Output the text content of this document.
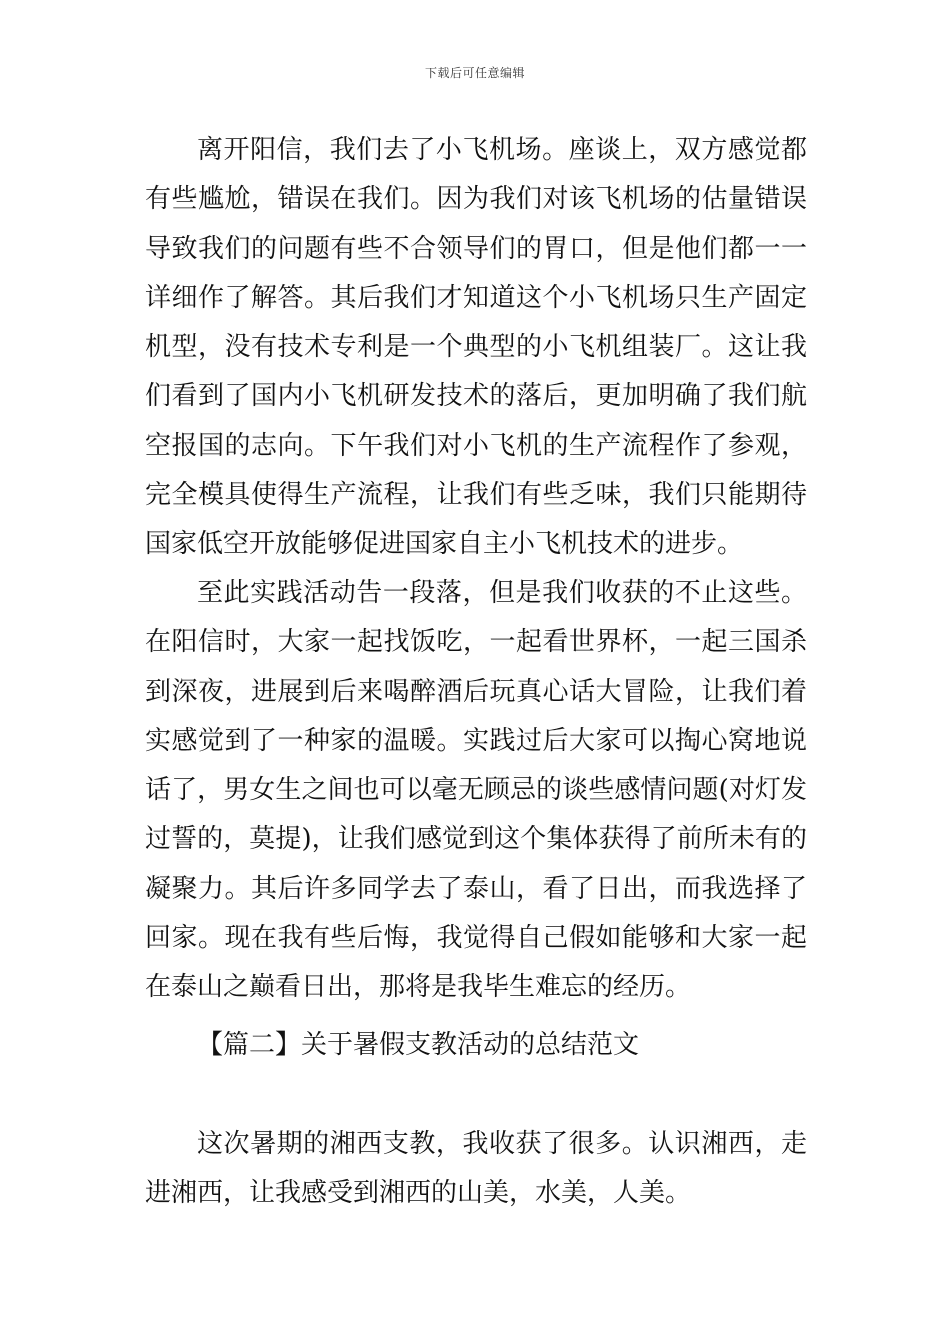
下载后可任意编辑

离开阳信，我们去了小飞机场。座谈上，双方感觉都有些尴尬，错误在我们。因为我们对该飞机场的估量错误导致我们的问题有些不合领导们的胃口，但是他们都一一详细作了解答。其后我们才知道这个小飞机场只生产固定机型，没有技术专利是一个典型的小飞机组装厂。这让我们看到了国内小飞机研发技术的落后，更加明确了我们航空报国的志向。下午我们对小飞机的生产流程作了参观，完全模具使得生产流程，让我们有些乏味，我们只能期待国家低空开放能够促进国家自主小飞机技术的进步。

至此实践活动告一段落，但是我们收获的不止这些。在阳信时，大家一起找饭吃，一起看世界杯，一起三国杀到深夜，进展到后来喝醉酒后玩真心话大冒险，让我们着实感觉到了一种家的温暖。实践过后大家可以掏心窝地说话了，男女生之间也可以毫无顾忌的谈些感情问题(对灯发过誓的，莫提)，让我们感觉到这个集体获得了前所未有的凝聚力。其后许多同学去了泰山，看了日出，而我选择了回家。现在我有些后悔，我觉得自己假如能够和大家一起在泰山之巅看日出，那将是我毕生难忘的经历。

【篇二】关于暑假支教活动的总结范文

这次暑期的湘西支教，我收获了很多。认识湘西，走进湘西，让我感受到湘西的山美，水美，人美。
